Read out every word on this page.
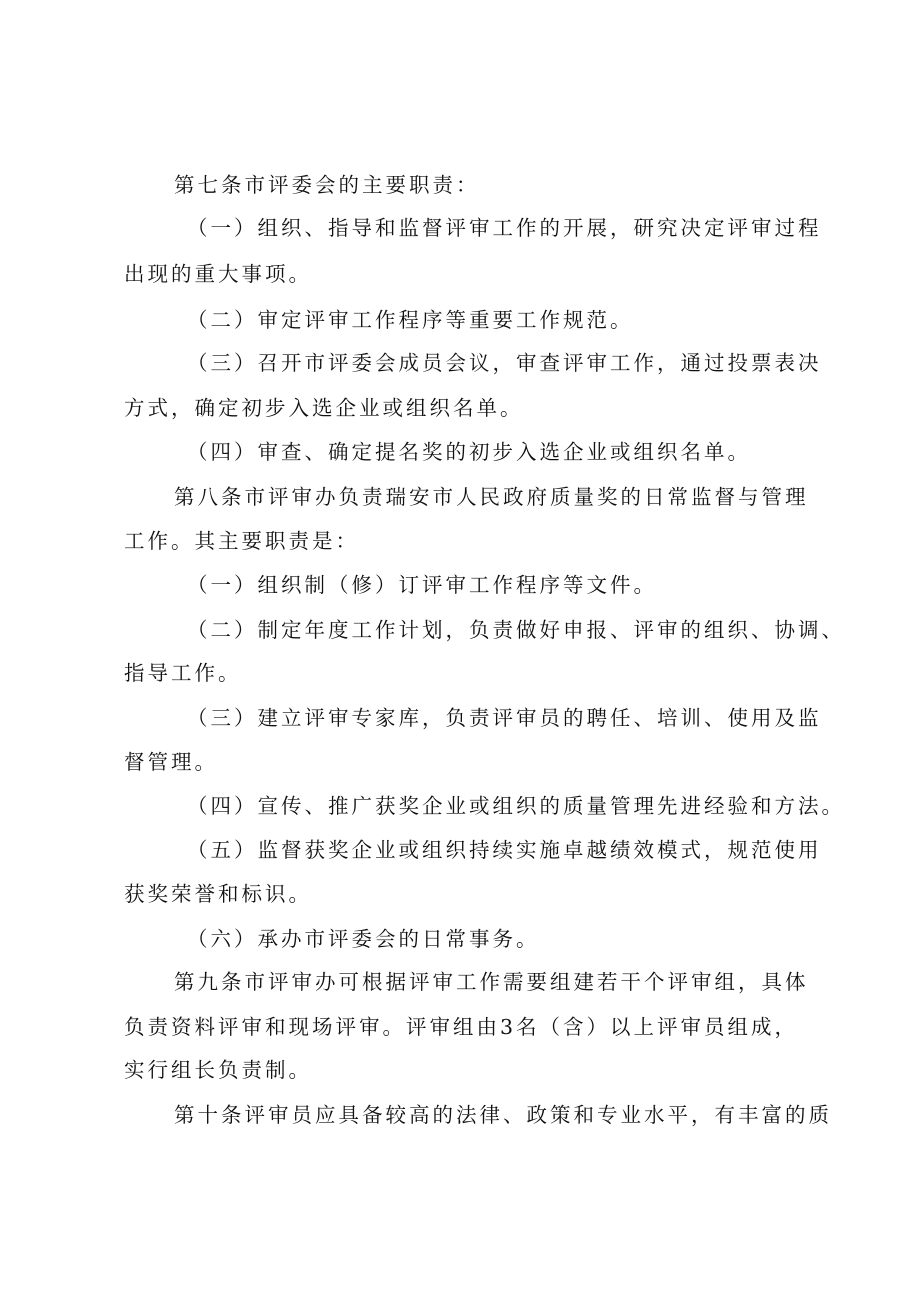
第七条市评委会的主要职责：
（一）组织、指导和监督评审工作的开展，研究决定评审过程
出现的重大事项。
（二）审定评审工作程序等重要工作规范。
（三）召开市评委会成员会议，审查评审工作，通过投票表决
方式，确定初步入选企业或组织名单。
（四）审查、确定提名奖的初步入选企业或组织名单。
第八条市评审办负责瑞安市人民政府质量奖的日常监督与管理
工作。其主要职责是：
（一）组织制（修）订评审工作程序等文件。
（二）制定年度工作计划，负责做好申报、评审的组织、协调、
指导工作。
（三）建立评审专家库，负责评审员的聘任、培训、使用及监
督管理。
（四）宣传、推广获奖企业或组织的质量管理先进经验和方法。
（五）监督获奖企业或组织持续实施卓越绩效模式，规范使用
获奖荣誉和标识。
（六）承办市评委会的日常事务。
第九条市评审办可根据评审工作需要组建若干个评审组，具体
负责资料评审和现场评审。评审组由3名（含）以上评审员组成，
实行组长负责制。
第十条评审员应具备较高的法律、政策和专业水平，有丰富的质
